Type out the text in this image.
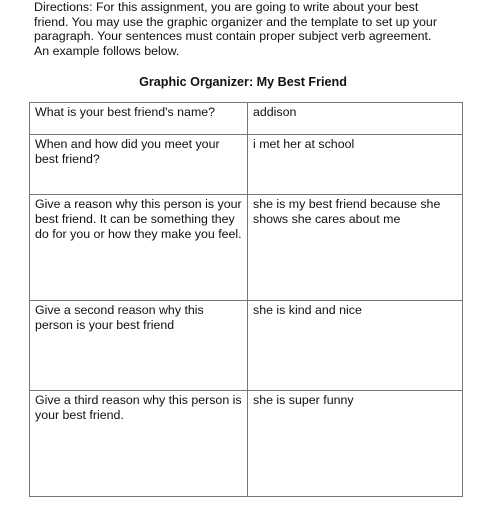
Directions: For this assignment, you are going to write about your best
friend. You may use the graphic organizer and the template to set up your
paragraph. Your sentences must contain proper subject verb agreement.
An example follows below.

Graphic Organizer: My Best Friend

What is your best friend's name?	addison
When and how did you meet your best friend?	i met her at school
Give a reason why this person is your best friend. It can be something they do for you or how they make you feel.	she is my best friend because she shows she cares about me
Give a second reason why this person is your best friend	she is kind and nice
Give a third reason why this person is your best friend.	she is super funny
